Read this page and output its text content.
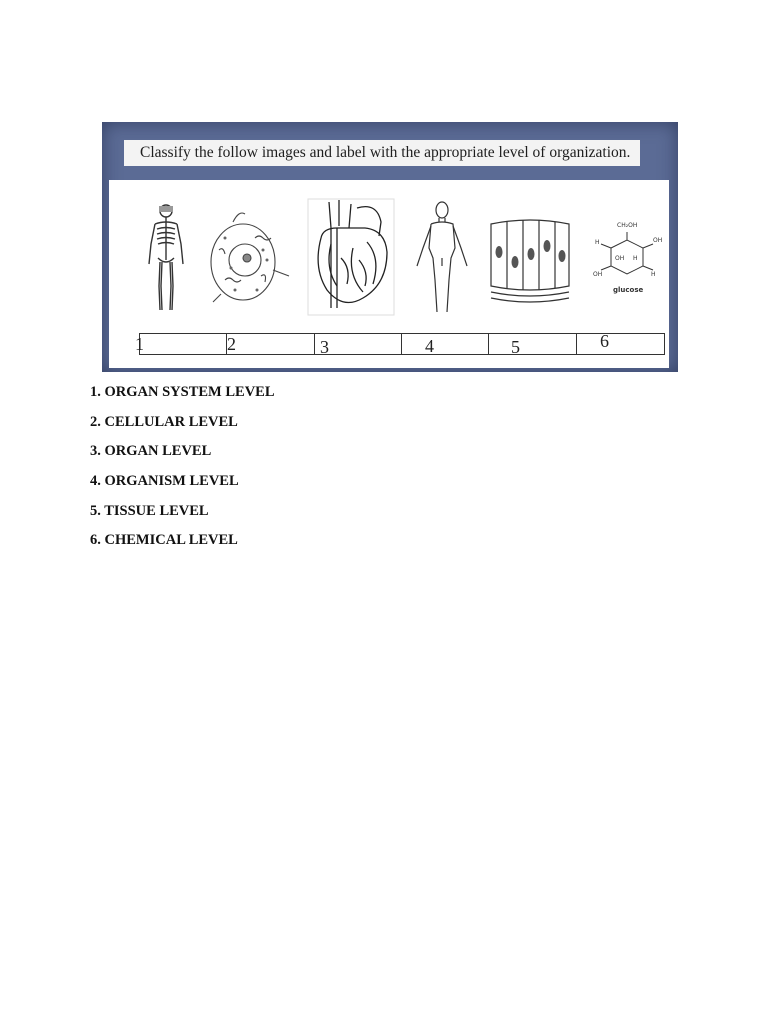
Classify the follow images and label with the appropriate level of organization.
H	OH
OH	H
OH H
CH₂OH
glucose
1	2	3	4	5	6
1. ORGAN SYSTEM LEVEL
2. CELLULAR LEVEL
3. ORGAN LEVEL
4. ORGANISM LEVEL
5. TISSUE LEVEL
6. CHEMICAL LEVEL
